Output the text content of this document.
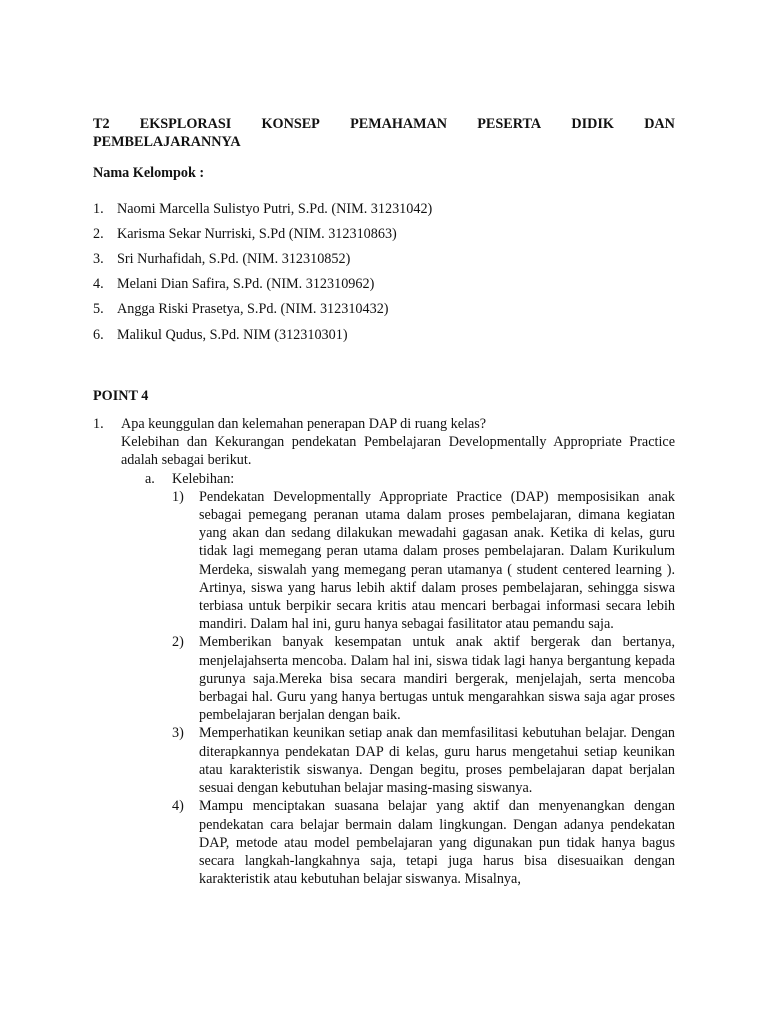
T2 EKSPLORASI KONSEP PEMAHAMAN PESERTA DIDIK DAN
PEMBELAJARANNYA

Nama Kelompok :

1. Naomi Marcella Sulistyo Putri, S.Pd. (NIM. 31231042)
2. Karisma Sekar Nurriski, S.Pd (NIM. 312310863)
3. Sri Nurhafidah, S.Pd. (NIM. 312310852)
4. Melani Dian Safira, S.Pd. (NIM. 312310962)
5. Angga Riski Prasetya, S.Pd. (NIM. 312310432)
6. Malikul Qudus, S.Pd. NIM (312310301)

POINT 4

1.	Apa keunggulan dan kelemahan penerapan DAP di ruang kelas?
Kelebihan dan Kekurangan pendekatan Pembelajaran Developmentally Appropriate Practice adalah sebagai berikut.
a.	Kelebihan:
1)	Pendekatan Developmentally Appropriate Practice (DAP) memposisikan anak sebagai pemegang peranan utama dalam proses pembelajaran, dimana kegiatan yang akan dan sedang dilakukan mewadahi gagasan anak. Ketika di kelas, guru tidak lagi memegang peran utama dalam proses pembelajaran. Dalam Kurikulum Merdeka, siswalah yang memegang peran utamanya ( student centered learning ). Artinya, siswa yang harus lebih aktif dalam proses pembelajaran, sehingga siswa terbiasa untuk berpikir secara kritis atau mencari berbagai informasi secara lebih mandiri. Dalam hal ini, guru hanya sebagai fasilitator atau pemandu saja.
2)	Memberikan banyak kesempatan untuk anak aktif bergerak dan bertanya, menjelajahserta mencoba. Dalam hal ini, siswa tidak lagi hanya bergantung kepada gurunya saja.Mereka bisa secara mandiri bergerak, menjelajah, serta mencoba berbagai hal. Guru yang hanya bertugas untuk mengarahkan siswa saja agar proses pembelajaran berjalan dengan baik.
3)	Memperhatikan keunikan setiap anak dan memfasilitasi kebutuhan belajar. Dengan diterapkannya pendekatan DAP di kelas, guru harus mengetahui setiap keunikan atau karakteristik siswanya. Dengan begitu, proses pembelajaran dapat berjalan sesuai dengan kebutuhan belajar masing-masing siswanya.
4)	Mampu menciptakan suasana belajar yang aktif dan menyenangkan dengan pendekatan cara belajar bermain dalam lingkungan. Dengan adanya pendekatan DAP, metode atau model pembelajaran yang digunakan pun tidak hanya bagus secara langkah-langkahnya saja, tetapi juga harus bisa disesuaikan dengan karakteristik atau kebutuhan belajar siswanya. Misalnya,
